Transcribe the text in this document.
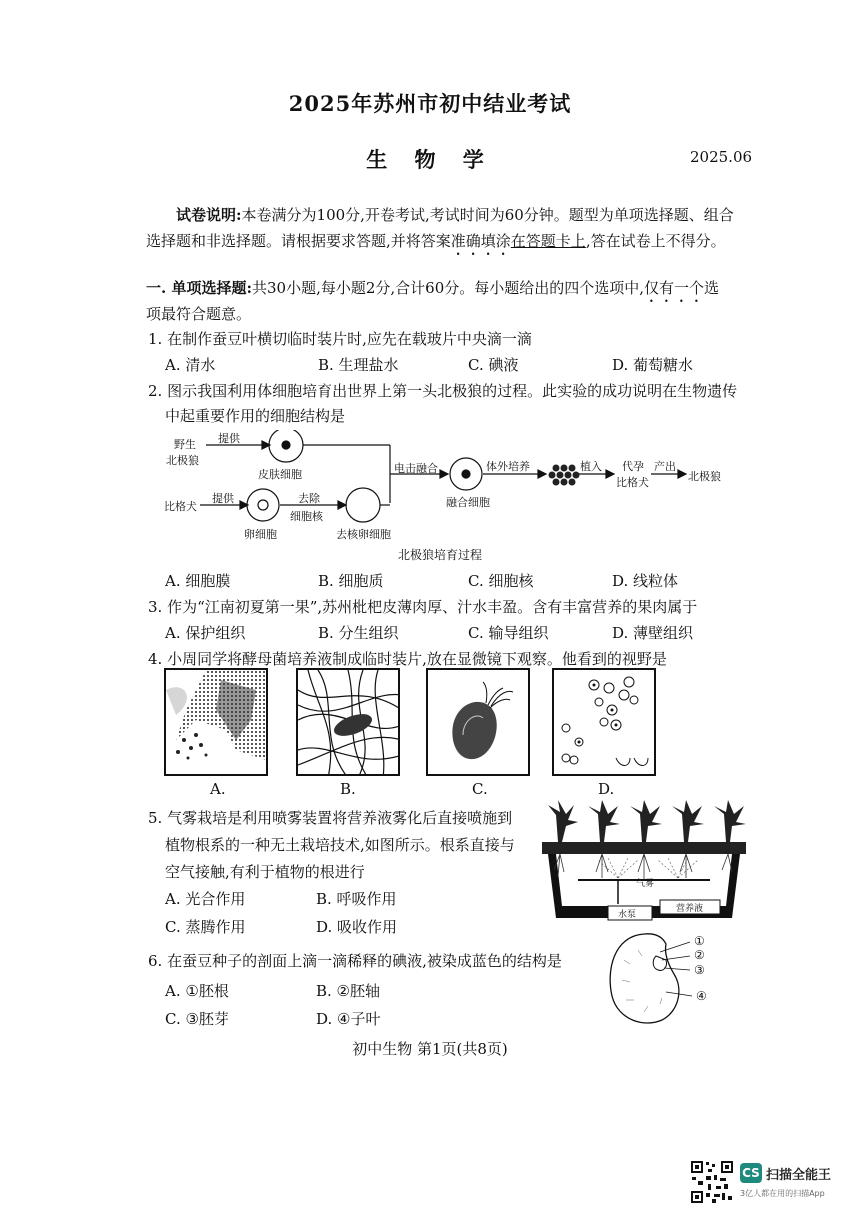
2025年苏州市初中结业考试
生 物 学	2025.06
试卷说明:本卷满分为100分,开卷考试,考试时间为60分钟。题型为单项选择题、组合
选择题和非选择题。请根据要求答题,并将答案准确填涂在答题卡上,答在试卷上不得分。
一. 单项选择题:共30小题,每小题2分,合计60分。每小题给出的四个选项中,仅有一个选
项最符合题意。
1. 在制作蚕豆叶横切临时装片时,应先在载玻片中央滴一滴
A. 清水	B. 生理盐水	C. 碘液	D. 葡萄糖水
2. 图示我国利用体细胞培育出世界上第一头北极狼的过程。此实验的成功说明在生物遗传
中起重要作用的细胞结构是
野生
北极狼
提供
皮肤细胞
比格犬
提供
卵细胞
去除
细胞核
去核卵细胞
电击融合
融合细胞
体外培养	植入 代孕
比格犬
产出
北极狼
北极狼培育过程
A. 细胞膜	B. 细胞质	C. 细胞核	D. 线粒体
3. 作为“江南初夏第一果”,苏州枇杷皮薄肉厚、汁水丰盈。含有丰富营养的果肉属于
A. 保护组织	B. 分生组织	C. 输导组织	D. 薄壁组织
4. 小周同学将酵母菌培养液制成临时装片,放在显微镜下观察。他看到的视野是
A.	B.	C.	D.
5. 气雾栽培是利用喷雾装置将营养液雾化后直接喷施到
植物根系的一种无土栽培技术,如图所示。根系直接与
空气接触,有利于植物的根进行
A. 光合作用	B. 呼吸作用
C. 蒸腾作用	D. 吸收作用
气雾
水泵
营养液
6. 在蚕豆种子的剖面上滴一滴稀释的碘液,被染成蓝色的结构是
A. ①胚根	B. ②胚轴
C. ③胚芽	D. ④子叶
①
②
③
④
初中生物 第1页(共8页)
CS 扫描全能王
3亿人都在用的扫描App
